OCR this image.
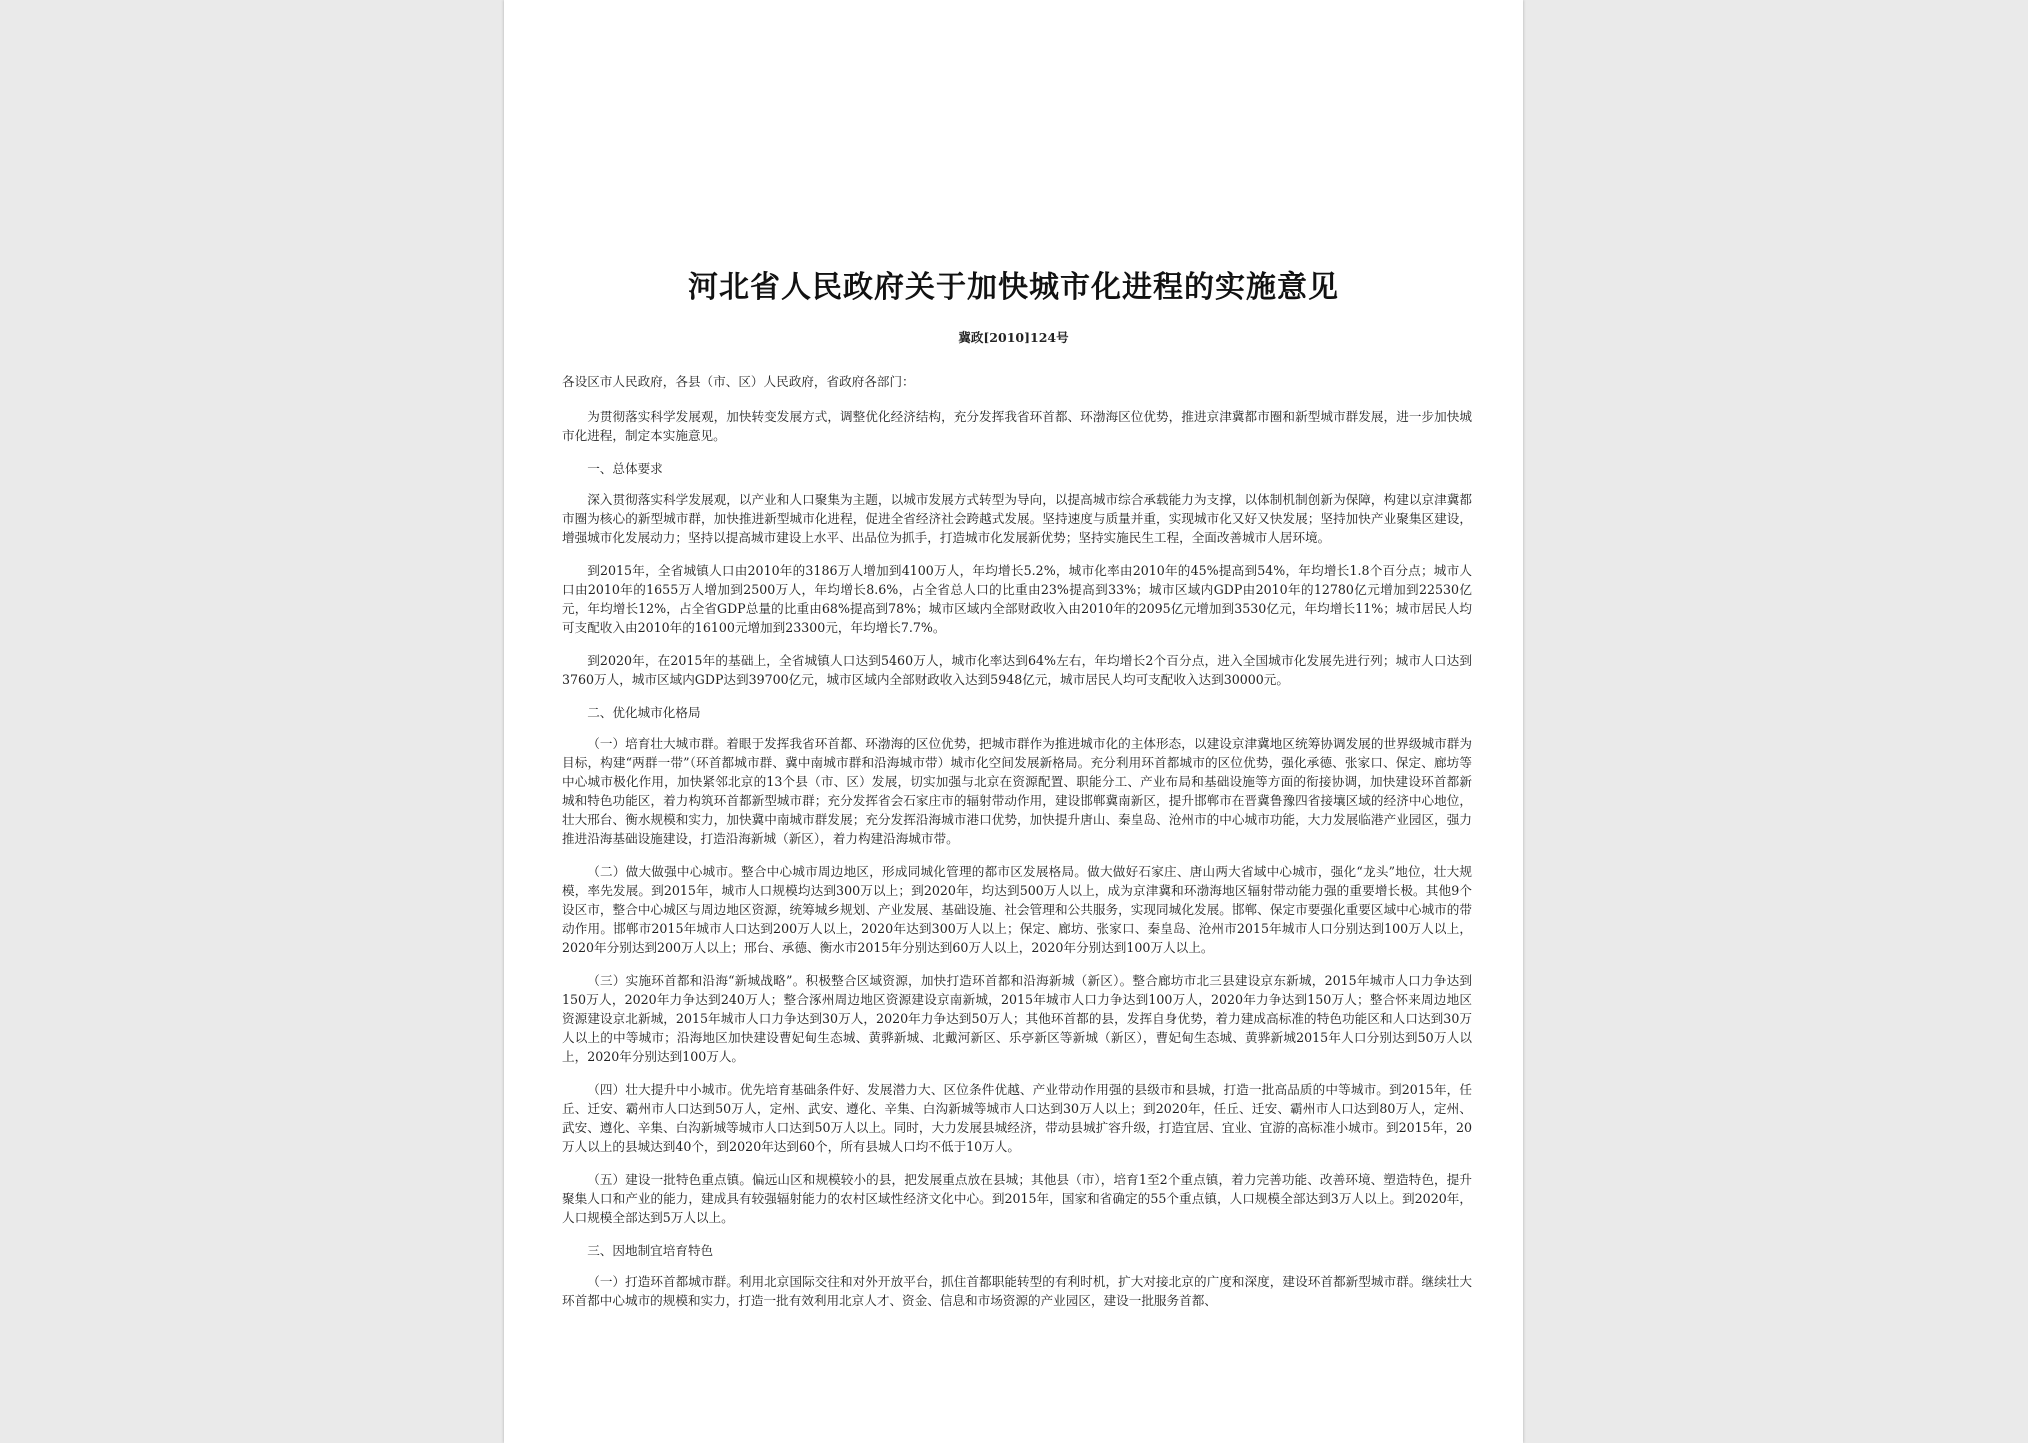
河北省人民政府关于加快城市化进程的实施意见
冀政[2010]124号

各设区市人民政府，各县（市、区）人民政府，省政府各部门：

为贯彻落实科学发展观，加快转变发展方式，调整优化经济结构，充分发挥我省环首都、环渤海区位优势，推进京津冀都市圈和新型城市群发展，进一步加快城市化进程，制定本实施意见。

一、总体要求

深入贯彻落实科学发展观，以产业和人口聚集为主题，以城市发展方式转型为导向，以提高城市综合承载能力为支撑，以体制机制创新为保障，构建以京津冀都市圈为核心的新型城市群，加快推进新型城市化进程，促进全省经济社会跨越式发展。坚持速度与质量并重，实现城市化又好又快发展；坚持加快产业聚集区建设，增强城市化发展动力；坚持以提高城市建设上水平、出品位为抓手，打造城市化发展新优势；坚持实施民生工程，全面改善城市人居环境。

到2015年，全省城镇人口由2010年的3186万人增加到4100万人，年均增长5.2%，城市化率由2010年的45%提高到54%，年均增长1.8个百分点；城市人口由2010年的1655万人增加到2500万人，年均增长8.6%，占全省总人口的比重由23%提高到33%；城市区域内GDP由2010年的12780亿元增加到22530亿元，年均增长12%，占全省GDP总量的比重由68%提高到78%；城市区域内全部财政收入由2010年的2095亿元增加到3530亿元，年均增长11%；城市居民人均可支配收入由2010年的16100元增加到23300元，年均增长7.7%。

到2020年，在2015年的基础上，全省城镇人口达到5460万人，城市化率达到64%左右，年均增长2个百分点，进入全国城市化发展先进行列；城市人口达到3760万人，城市区域内GDP达到39700亿元，城市区域内全部财政收入达到5948亿元，城市居民人均可支配收入达到30000元。

二、优化城市化格局

（一）培育壮大城市群。着眼于发挥我省环首都、环渤海的区位优势，把城市群作为推进城市化的主体形态，以建设京津冀地区统筹协调发展的世界级城市群为目标，构建“两群一带”（环首都城市群、冀中南城市群和沿海城市带）城市化空间发展新格局。充分利用环首都城市的区位优势，强化承德、张家口、保定、廊坊等中心城市极化作用，加快紧邻北京的13个县（市、区）发展，切实加强与北京在资源配置、职能分工、产业布局和基础设施等方面的衔接协调，加快建设环首都新城和特色功能区，着力构筑环首都新型城市群；充分发挥省会石家庄市的辐射带动作用，建设邯郸冀南新区，提升邯郸市在晋冀鲁豫四省接壤区域的经济中心地位，壮大邢台、衡水规模和实力，加快冀中南城市群发展；充分发挥沿海城市港口优势，加快提升唐山、秦皇岛、沧州市的中心城市功能，大力发展临港产业园区，强力推进沿海基础设施建设，打造沿海新城（新区），着力构建沿海城市带。

（二）做大做强中心城市。整合中心城市周边地区，形成同城化管理的都市区发展格局。做大做好石家庄、唐山两大省域中心城市，强化“龙头”地位，壮大规模，率先发展。到2015年，城市人口规模均达到300万以上；到2020年，均达到500万人以上，成为京津冀和环渤海地区辐射带动能力强的重要增长极。其他9个设区市，整合中心城区与周边地区资源，统筹城乡规划、产业发展、基础设施、社会管理和公共服务，实现同城化发展。邯郸、保定市要强化重要区域中心城市的带动作用。邯郸市2015年城市人口达到200万人以上，2020年达到300万人以上；保定、廊坊、张家口、秦皇岛、沧州市2015年城市人口分别达到100万人以上，2020年分别达到200万人以上；邢台、承德、衡水市2015年分别达到60万人以上，2020年分别达到100万人以上。

（三）实施环首都和沿海“新城战略”。积极整合区域资源，加快打造环首都和沿海新城（新区）。整合廊坊市北三县建设京东新城，2015年城市人口力争达到150万人，2020年力争达到240万人；整合涿州周边地区资源建设京南新城，2015年城市人口力争达到100万人，2020年力争达到150万人；整合怀来周边地区资源建设京北新城，2015年城市人口力争达到30万人，2020年力争达到50万人；其他环首都的县，发挥自身优势，着力建成高标准的特色功能区和人口达到30万人以上的中等城市；沿海地区加快建设曹妃甸生态城、黄骅新城、北戴河新区、乐亭新区等新城（新区），曹妃甸生态城、黄骅新城2015年人口分别达到50万人以上，2020年分别达到100万人。

（四）壮大提升中小城市。优先培育基础条件好、发展潜力大、区位条件优越、产业带动作用强的县级市和县城，打造一批高品质的中等城市。到2015年，任丘、迁安、霸州市人口达到50万人，定州、武安、遵化、辛集、白沟新城等城市人口达到30万人以上；到2020年，任丘、迁安、霸州市人口达到80万人，定州、武安、遵化、辛集、白沟新城等城市人口达到50万人以上。同时，大力发展县城经济，带动县城扩容升级，打造宜居、宜业、宜游的高标准小城市。到2015年，20万人以上的县城达到40个，到2020年达到60个，所有县城人口均不低于10万人。

（五）建设一批特色重点镇。偏远山区和规模较小的县，把发展重点放在县城；其他县（市），培育1至2个重点镇，着力完善功能、改善环境、塑造特色，提升聚集人口和产业的能力，建成具有较强辐射能力的农村区域性经济文化中心。到2015年，国家和省确定的55个重点镇，人口规模全部达到3万人以上。到2020年，人口规模全部达到5万人以上。

三、因地制宜培育特色

（一）打造环首都城市群。利用北京国际交往和对外开放平台，抓住首都职能转型的有利时机，扩大对接北京的广度和深度，建设环首都新型城市群。继续壮大环首都中心城市的规模和实力，打造一批有效利用北京人才、资金、信息和市场资源的产业园区，建设一批服务首都、
